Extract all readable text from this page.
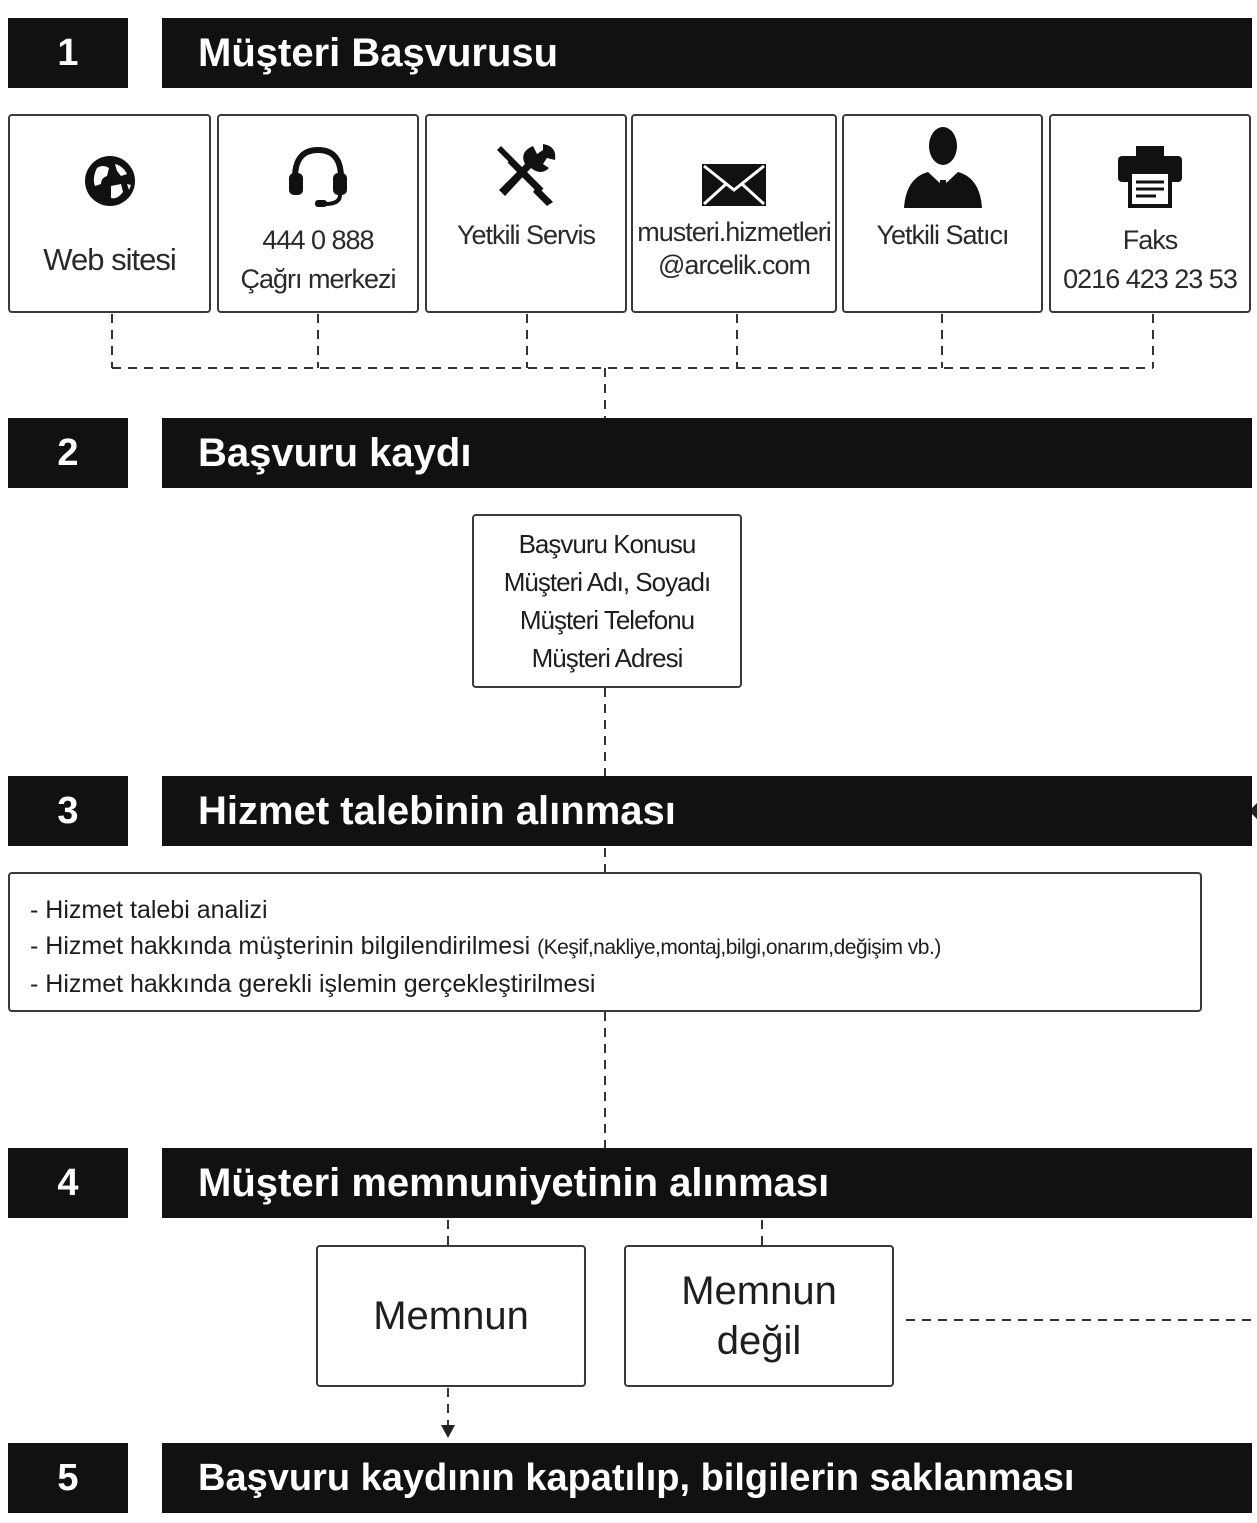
1	Müşteri Başvurusu
Web sitesi
444 0 888
Çağrı merkezi
Yetkili Servis musteri.hizmetleri
@arcelik.com
Yetkili Satıcı	Faks
0216 423 23 53
2	Başvuru kaydı
Başvuru Konusu
Müşteri Adı, Soyadı
Müşteri Telefonu
Müşteri Adresi
3	Hizmet talebinin alınması
- Hizmet talebi analizi
- Hizmet hakkında müşterinin bilgilendirilmesi (Keşif,nakliye,montaj,bilgi,onarım,değişim vb.)
- Hizmet hakkında gerekli işlemin gerçekleştirilmesi
4	Müşteri memnuniyetinin alınması
Memnun
Memnun
değil
5	Başvuru kaydının kapatılıp, bilgilerin saklanması
